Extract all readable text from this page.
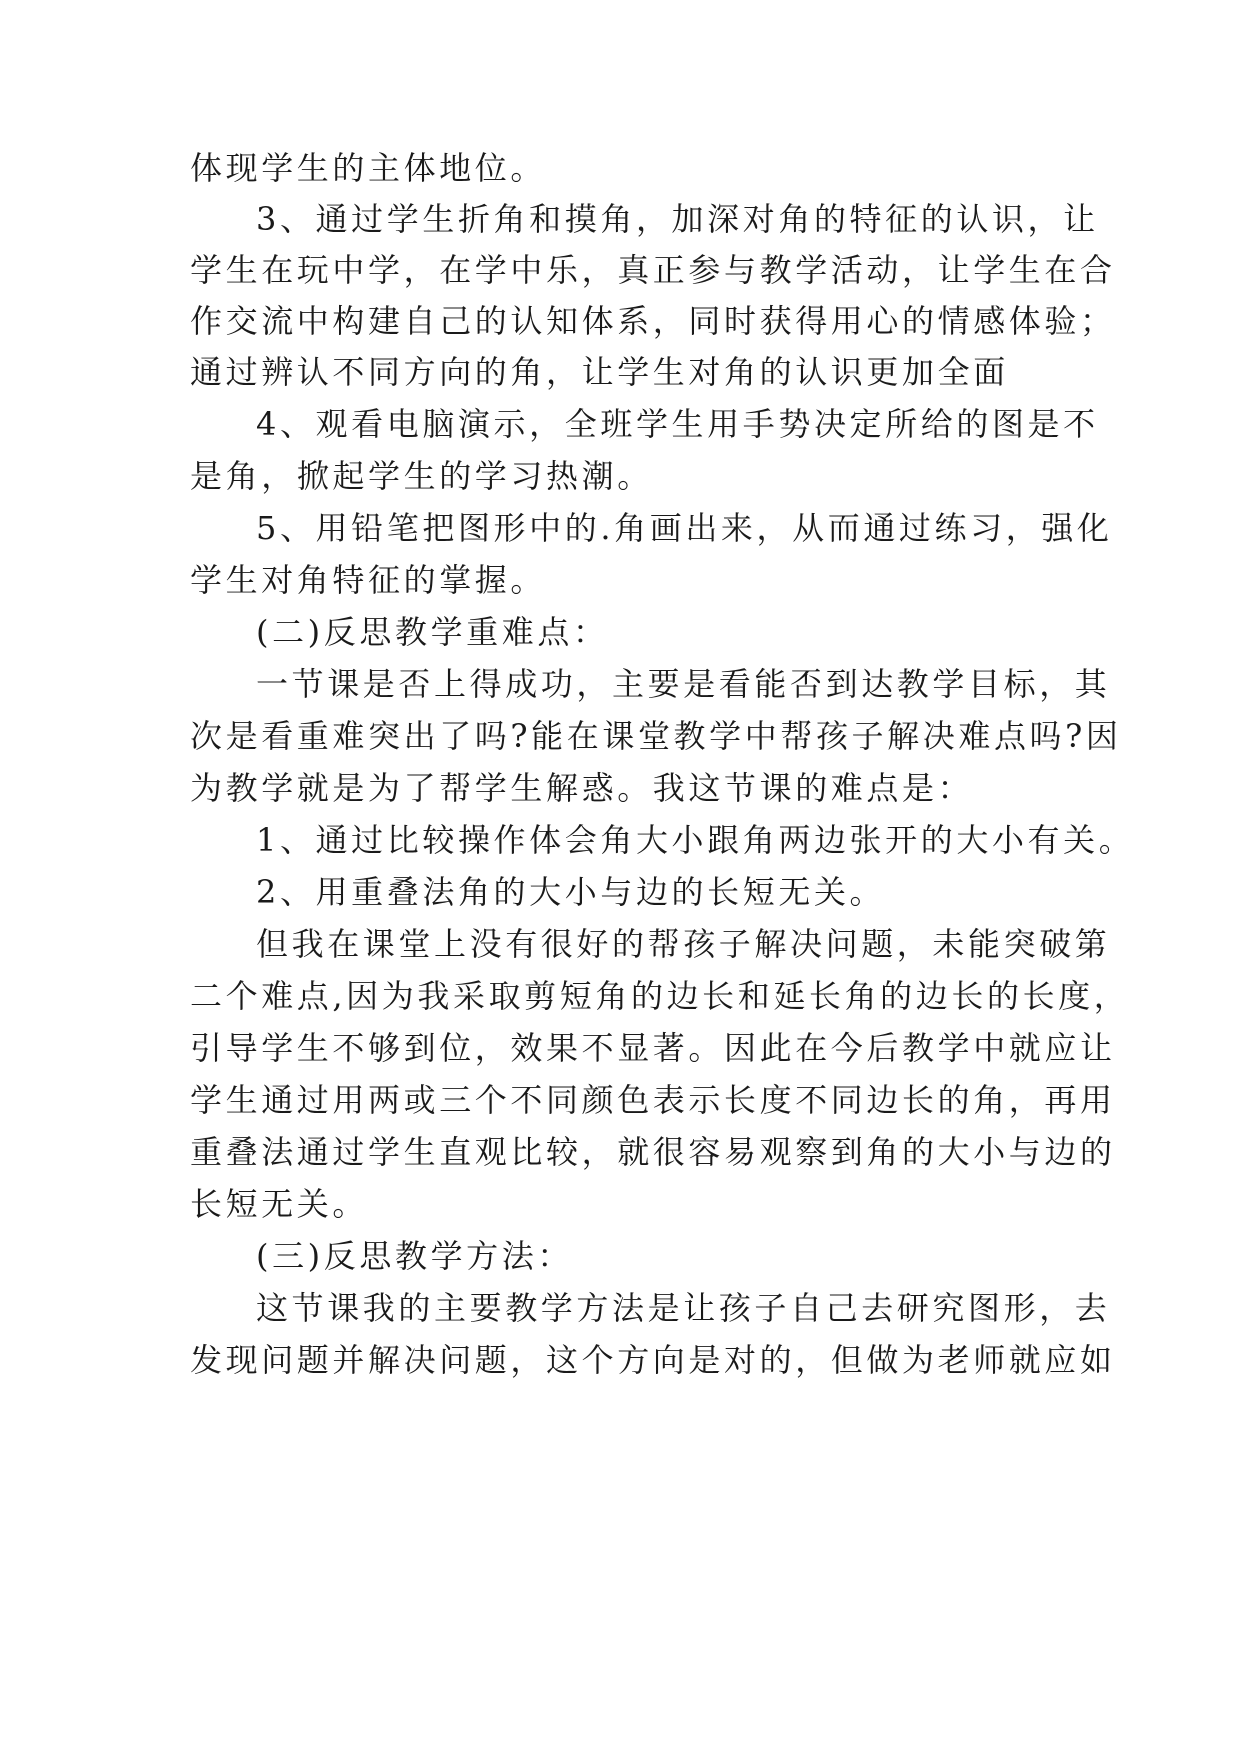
体现学生的主体地位。
3、通过学生折角和摸角，加深对角的特征的认识，让
学生在玩中学，在学中乐，真正参与教学活动，让学生在合
作交流中构建自己的认知体系，同时获得用心的情感体验；
通过辨认不同方向的角，让学生对角的认识更加全面
4、观看电脑演示，全班学生用手势决定所给的图是不
是角，掀起学生的学习热潮。
5、用铅笔把图形中的.角画出来，从而通过练习，强化
学生对角特征的掌握。
(二)反思教学重难点：
一节课是否上得成功，主要是看能否到达教学目标，其
次是看重难突出了吗?能在课堂教学中帮孩子解决难点吗?因
为教学就是为了帮学生解惑。我这节课的难点是：
1、通过比较操作体会角大小跟角两边张开的大小有关。
2、用重叠法角的大小与边的长短无关。
但我在课堂上没有很好的帮孩子解决问题，未能突破第
二个难点,因为我采取剪短角的边长和延长角的边长的长度，
引导学生不够到位，效果不显著。因此在今后教学中就应让
学生通过用两或三个不同颜色表示长度不同边长的角，再用
重叠法通过学生直观比较，就很容易观察到角的大小与边的
长短无关。
(三)反思教学方法：
这节课我的主要教学方法是让孩子自己去研究图形，去
发现问题并解决问题，这个方向是对的，但做为老师就应如
